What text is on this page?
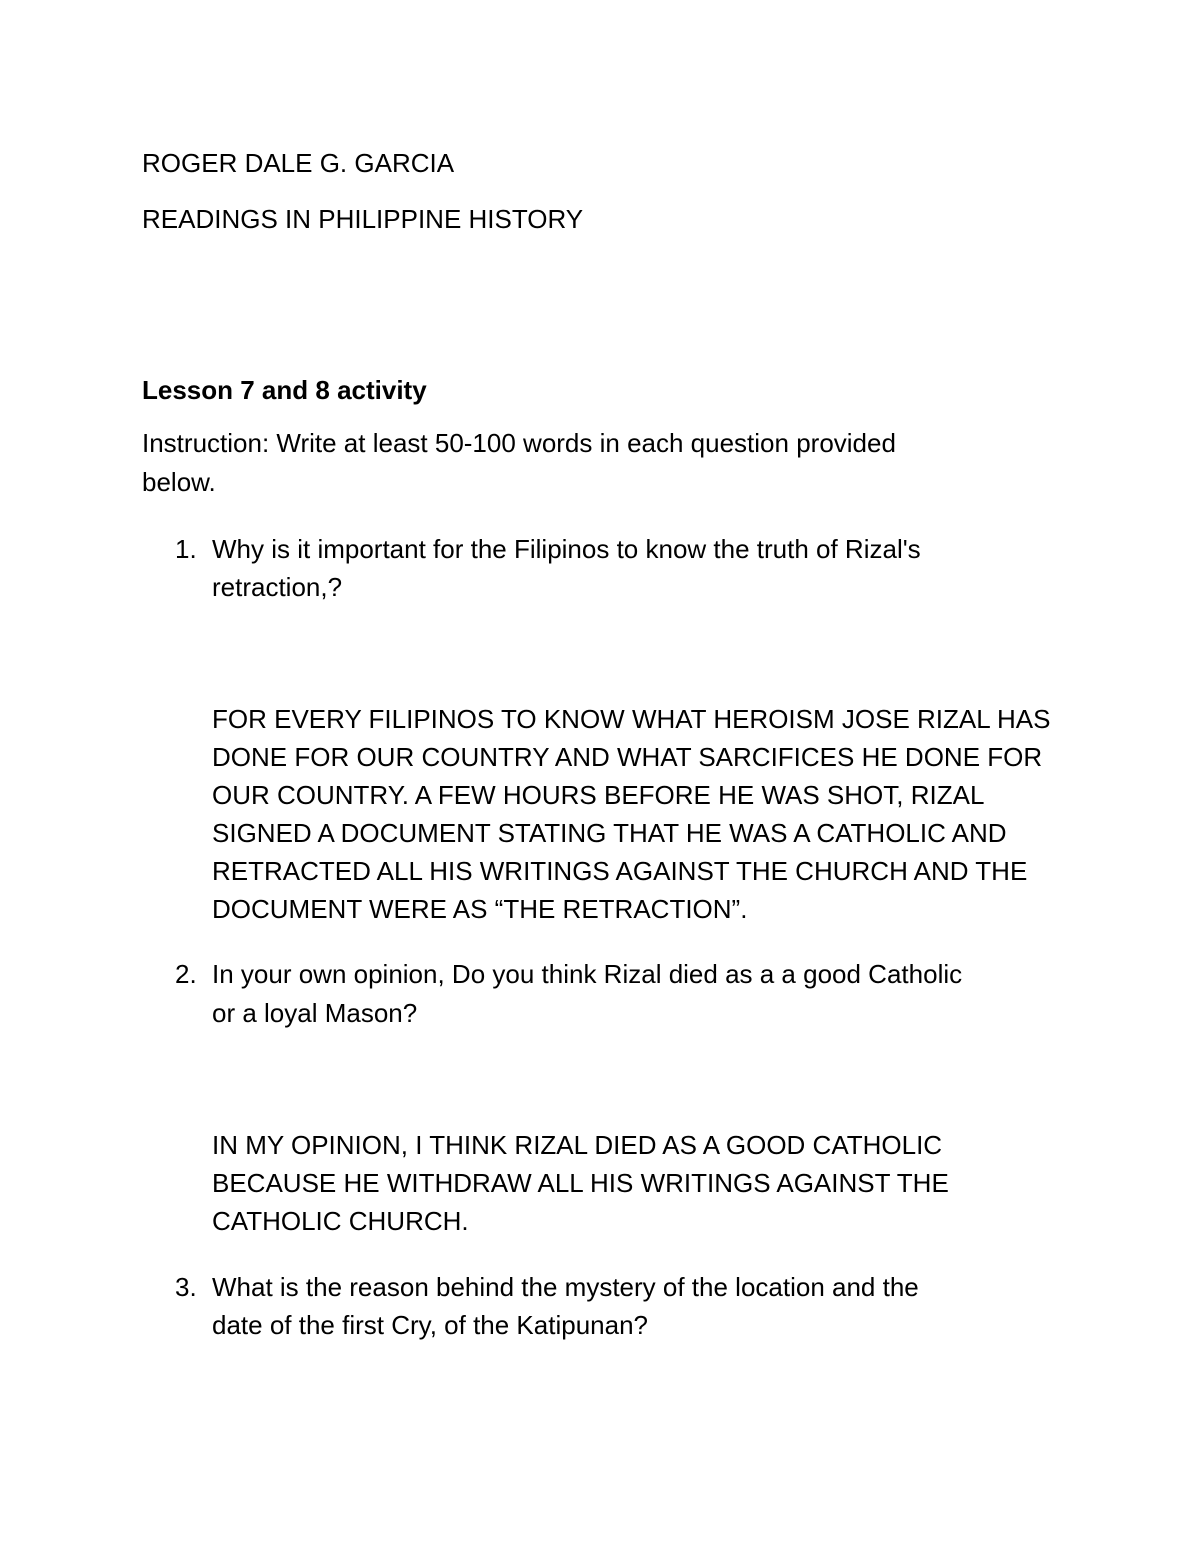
ROGER DALE G. GARCIA
READINGS IN PHILIPPINE HISTORY
Lesson 7 and 8 activity
Instruction: Write at least 50-100 words in each question provided
below.
1. Why is it important for the Filipinos to know the truth of Rizal's
retraction,?
FOR EVERY FILIPINOS TO KNOW WHAT HEROISM JOSE RIZAL HAS
DONE FOR OUR COUNTRY AND WHAT SARCIFICES HE DONE FOR
OUR COUNTRY. A FEW HOURS BEFORE HE WAS SHOT, RIZAL
SIGNED A DOCUMENT STATING THAT HE WAS A CATHOLIC AND
RETRACTED ALL HIS WRITINGS AGAINST THE CHURCH AND THE
DOCUMENT WERE AS “THE RETRACTION”.
2. In your own opinion, Do you think Rizal died as a a good Catholic
or a loyal Mason?
IN MY OPINION, I THINK RIZAL DIED AS A GOOD CATHOLIC
BECAUSE HE WITHDRAW ALL HIS WRITINGS AGAINST THE
CATHOLIC CHURCH.
3. What is the reason behind the mystery of the location and the
date of the first Cry, of the Katipunan?
